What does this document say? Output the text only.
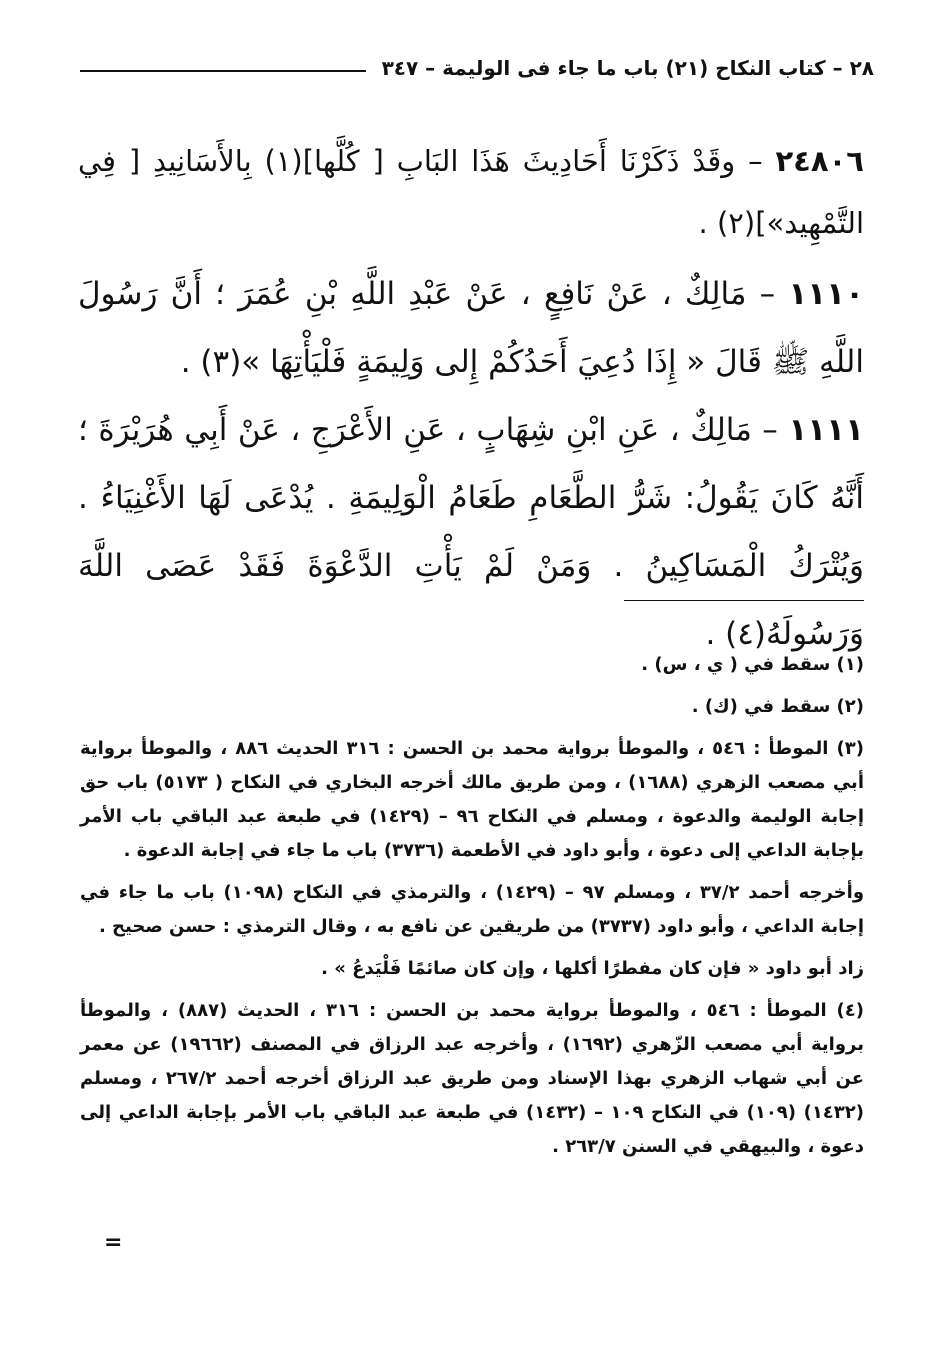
٢٨ – كتاب النكاح (٢١) باب ما جاء فى الوليمة – ٣٤٧

٢٤٨٠٦ – وقَدْ ذَكَرْنَا أَحَادِيثَ هَذَا البَابِ [ كُلَّها](١) بِالأَسَانِيدِ [ فِي التَّمْهِيد»](٢) .

١١١٠ – مَالِكٌ ، عَنْ نَافِعٍ ، عَنْ عَبْدِ اللَّهِ بْنِ عُمَرَ ؛ أَنَّ رَسُولَ اللَّهِ ﷺ قَالَ « إِذَا دُعِيَ أَحَدُكُمْ إِلى وَلِيمَةٍ فَلْيَأْتِهَا »(٣) .

١١١١ – مَالِكٌ ، عَنِ ابْنِ شِهَابٍ ، عَنِ الأَعْرَجِ ، عَنْ أَبِي هُرَيْرَةَ ؛ أَنَّهُ كَانَ يَقُولُ: شَرُّ الطَّعَامِ طَعَامُ الْوَلِيمَةِ . يُدْعَى لَهَا الأَغْنِيَاءُ . وَيُتْرَكُ الْمَسَاكِينُ . وَمَنْ لَمْ يَأْتِ الدَّعْوَةَ فَقَدْ عَصَى اللَّهَ وَرَسُولَهُ(٤) .

(١) سقط في ( ي ، س) .

(٢) سقط في (ك) .

(٣) الموطأ : ٥٤٦ ، والموطأ برواية محمد بن الحسن : ٣١٦ الحديث ٨٨٦ ، والموطأ برواية أبي مصعب الزهري (١٦٨٨) ، ومن طريق مالك أخرجه البخاري في النكاح ( ٥١٧٣) باب حق إجابة الوليمة والدعوة ، ومسلم في النكاح ٩٦ – (١٤٢٩) في طبعة عبد الباقي باب الأمر بإجابة الداعي إلى دعوة ، وأبو داود في الأطعمة (٣٧٣٦) باب ما جاء في إجابة الدعوة .

وأخرجه أحمد ٣٧/٢ ، ومسلم ٩٧ – (١٤٢٩) ، والترمذي في النكاح (١٠٩٨) باب ما جاء في إجابة الداعي ، وأبو داود (٣٧٣٧) من طريقين عن نافع به ، وقال الترمذي : حسن صحيح .

زاد أبو داود « فإن كان مفطرًا أكلها ، وإن كان صائمًا فَلْيَدعُ » .

(٤) الموطأ : ٥٤٦ ، والموطأ برواية محمد بن الحسن : ٣١٦ ، الحديث (٨٨٧) ، والموطأ برواية أبي مصعب الزّهري (١٦٩٢) ، وأخرجه عبد الرزاق في المصنف (١٩٦٦٢) عن معمر عن أبي شهاب الزهري بهذا الإسناد ومن طريق عبد الرزاق أخرجه أحمد ٢٦٧/٢ ، ومسلم (١٤٣٢) (١٠٩) في النكاح ١٠٩ – (١٤٣٢) في طبعة عبد الباقي باب الأمر بإجابة الداعي إلى دعوة ، والبيهقي في السنن ٢٦٣/٧ .

=
